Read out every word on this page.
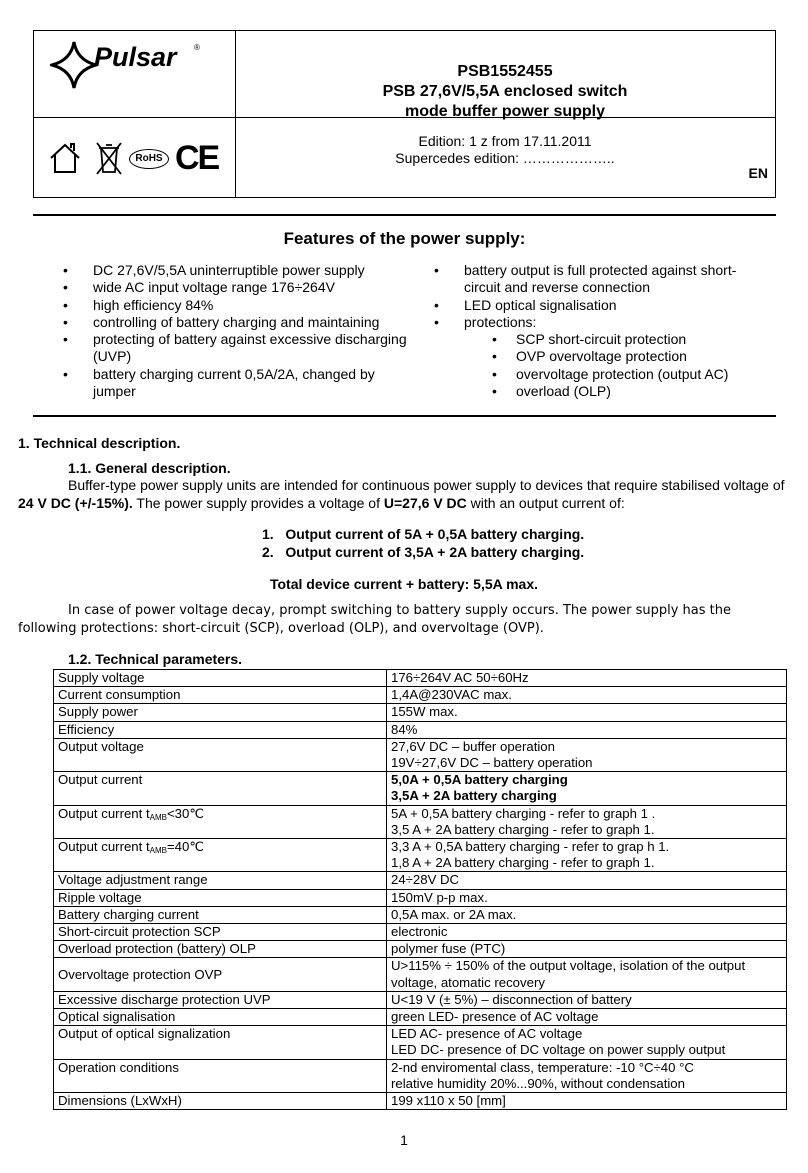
Pulsar ®
PSB1552455
PSB 27,6V/5,5A enclosed switch
mode buffer power supply
Edition: 1 z from 17.11.2011
Supercedes edition: ………………..
EN
RoHS CE
Features of the power supply:
• DC 27,6V/5,5A uninterruptible power supply
• wide AC input voltage range 176÷264V
• high efficiency 84%
• controlling of battery charging and maintaining
• protecting of battery against excessive discharging (UVP)
• battery charging current 0,5A/2A, changed by jumper
• battery output is full protected against short-circuit and reverse connection
• LED optical signalisation
• protections:
• SCP short-circuit protection
• OVP overvoltage protection
• overvoltage protection (output AC)
• overload (OLP)
1. Technical description.
1.1. General description.
Buffer-type power supply units are intended for continuous power supply to devices that require stabilised voltage of 24 V DC (+/-15%). The power supply provides a voltage of U=27,6 V DC with an output current of:
1.   Output current of 5A + 0,5A battery charging.
2.   Output current of 3,5A + 2A battery charging.
Total device current + battery: 5,5A max.
In case of power voltage decay, prompt switching to battery supply occurs. The power supply has the following protections: short-circuit (SCP), overload (OLP), and overvoltage (OVP).
1.2. Technical parameters.
Supply voltage	176÷264V AC 50÷60Hz

Current consumption	1,4A@230VAC max.

Supply power	155W max.

Efficiency	84%

Output voltage	27,6V DC – buffer operation
19V÷27,6V DC – battery operation

Output current	5,0A + 0,5A battery charging
3,5A + 2A battery charging

Output current $t_{AMB}<30℃$	5A + 0,5A battery charging - refer to graph 1 .
3,5 A + 2A battery charging - refer to graph 1.

Output current $t_{AMB}=40℃$	3,3 A + 0,5A battery charging - refer to grap h 1.
1,8 A + 2A battery charging - refer to graph 1.

Voltage adjustment range	24÷28V DC

Ripple voltage	150mV p-p max.

Battery charging current	0,5A max. or 2A max.

Short-circuit protection SCP	electronic

Overload protection (battery) OLP	polymer fuse (PTC)

Overvoltage protection OVP	U>115% ÷ 150% of the output voltage, isolation of the output voltage, atomatic recovery

Excessive discharge protection UVP	U<19 V (± 5%) – disconnection of battery

Optical signalisation	green LED- presence of AC voltage

Output of optical signalization	LED AC- presence of AC voltage
LED DC- presence of DC voltage on power supply output

Operation conditions	2-nd enviromental class, temperature: -10 °C÷40 °C
relative humidity 20%...90%, without condensation

Dimensions (LxWxH)	199 x110 x 50 [mm]
1
